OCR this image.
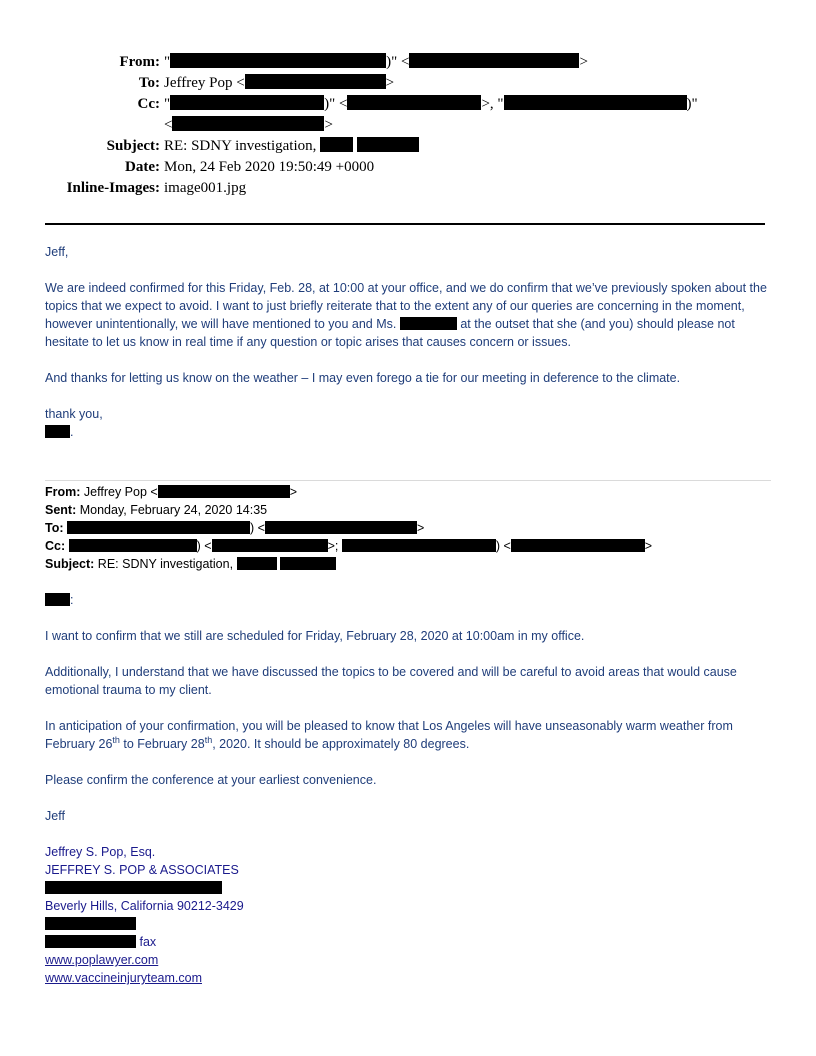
From: "	)" <	>
To: Jeffrey Pop <	>
Cc: "	)" <	>, "	)"
<	>
Subject: RE: SDNY investigation,
Date: Mon, 24 Feb 2020 19:50:49 +0000
Inline-Images: image001.jpg

Jeff,

We are indeed confirmed for this Friday, Feb. 28, at 10:00 at your office, and we do confirm that we’ve previously spoken about the topics that we expect to avoid. I want to just briefly reiterate that to the extent any of our queries are concerning in the moment, however unintentionally, we will have mentioned to you and Ms.	at the outset that she (and you) should please not hesitate to let us know in real time if any question or topic arises that causes concern or issues.

And thanks for letting us know on the weather – I may even forego a tie for our meeting in deference to the climate.

thank you,

.

From: Jeffrey Pop <	>
Sent: Monday, February 24, 2020 14:35
To:	) <	>
Cc:	) <	>;	) <	>
Subject: RE: SDNY investigation,

:

I want to confirm that we still are scheduled for Friday, February 28, 2020 at 10:00am in my office.

Additionally, I understand that we have discussed the topics to be covered and will be careful to avoid areas that would cause emotional trauma to my client.

In anticipation of your confirmation, you will be pleased to know that Los Angeles will have unseasonably warm weather from February 26th to February 28th, 2020. It should be approximately 80 degrees.

Please confirm the conference at your earliest convenience.

Jeff

Jeffrey S. Pop, Esq.

JEFFREY S. POP & ASSOCIATES

Beverly Hills, California 90212-3429

fax

www.poplawyer.com

www.vaccineinjuryteam.com
